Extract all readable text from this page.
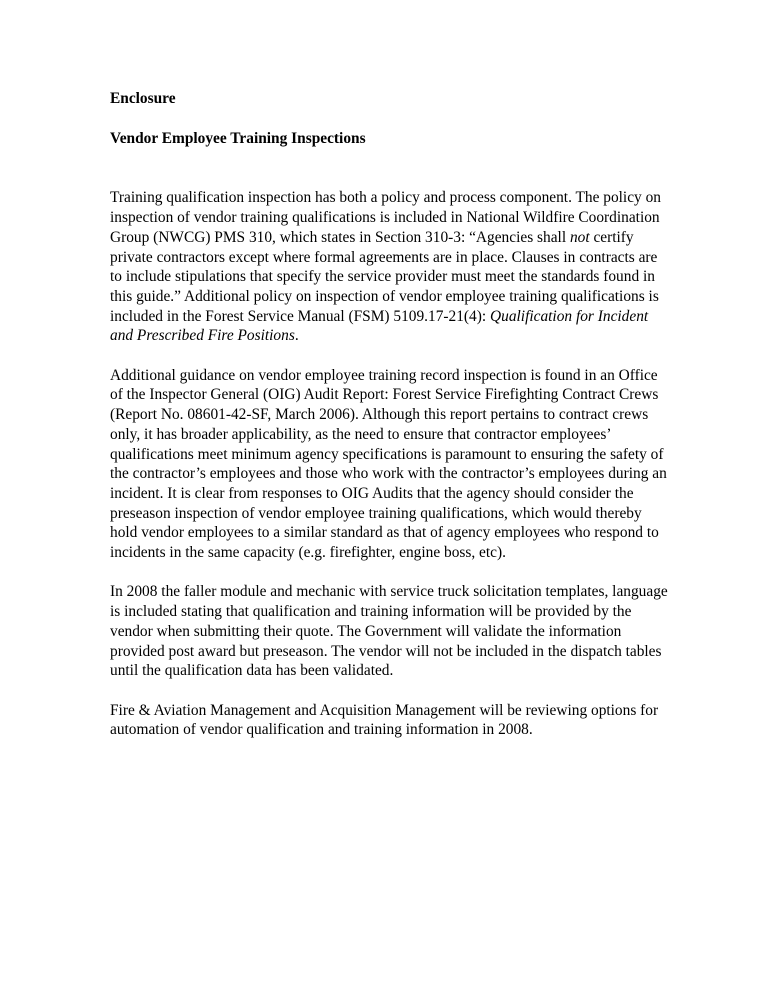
Enclosure

Vendor Employee Training Inspections

Training qualification inspection has both a policy and process component. The policy on inspection of vendor training qualifications is included in National Wildfire Coordination Group (NWCG) PMS 310, which states in Section 310-3: “Agencies shall not certify private contractors except where formal agreements are in place. Clauses in contracts are to include stipulations that specify the service provider must meet the standards found in this guide.” Additional policy on inspection of vendor employee training qualifications is included in the Forest Service Manual (FSM) 5109.17-21(4): Qualification for Incident and Prescribed Fire Positions.

Additional guidance on vendor employee training record inspection is found in an Office of the Inspector General (OIG) Audit Report: Forest Service Firefighting Contract Crews (Report No. 08601-42-SF, March 2006). Although this report pertains to contract crews only, it has broader applicability, as the need to ensure that contractor employees’ qualifications meet minimum agency specifications is paramount to ensuring the safety of the contractor’s employees and those who work with the contractor’s employees during an incident. It is clear from responses to OIG Audits that the agency should consider the preseason inspection of vendor employee training qualifications, which would thereby hold vendor employees to a similar standard as that of agency employees who respond to incidents in the same capacity (e.g. firefighter, engine boss, etc).

In 2008 the faller module and mechanic with service truck solicitation templates, language is included stating that qualification and training information will be provided by the vendor when submitting their quote. The Government will validate the information provided post award but preseason. The vendor will not be included in the dispatch tables until the qualification data has been validated.

Fire & Aviation Management and Acquisition Management will be reviewing options for automation of vendor qualification and training information in 2008.
